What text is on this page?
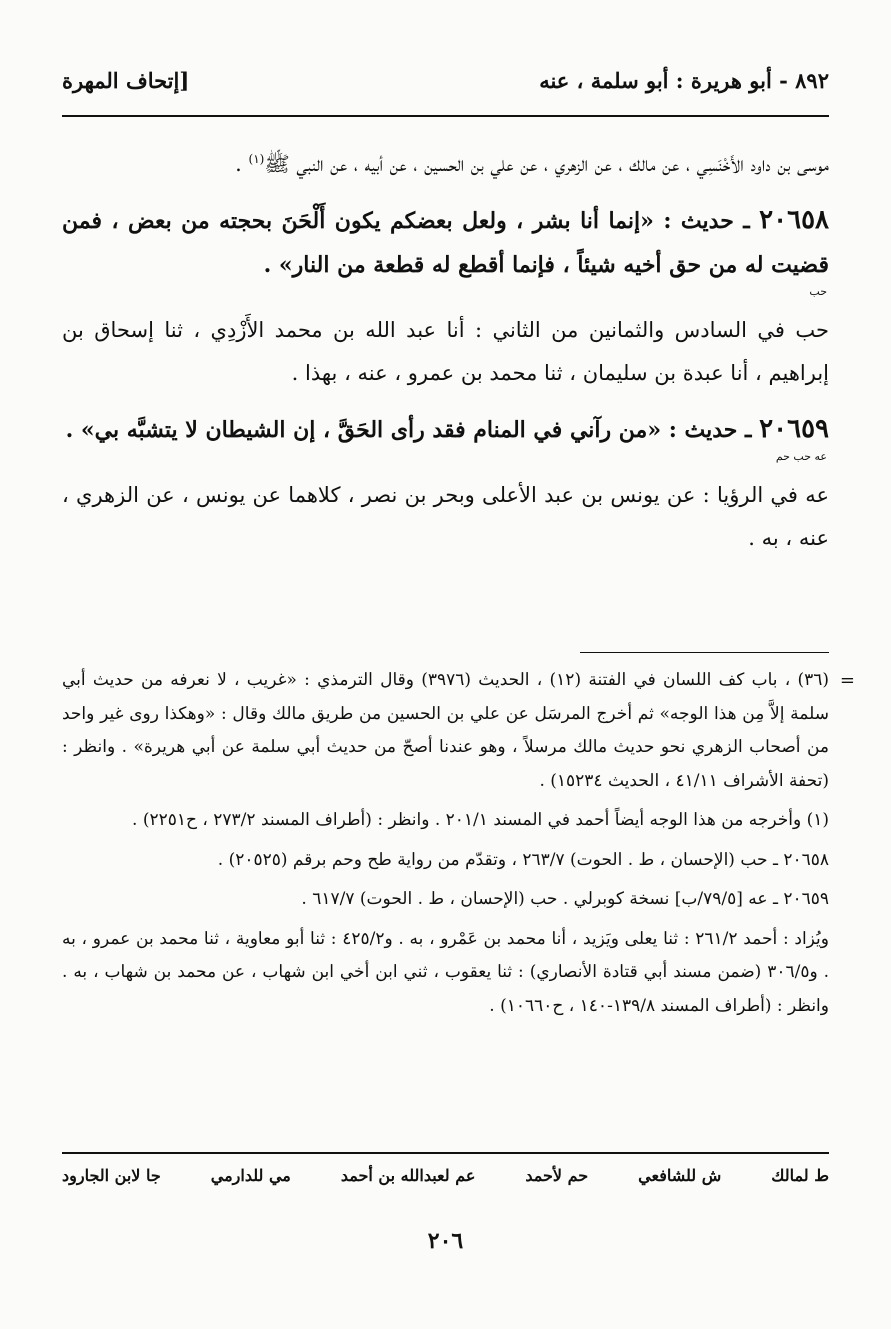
٨٩٢ - أبو هريرة : أبو سلمة ، عنه
[إتحاف المهرة

موسى بن داود الأَخْنَسِي ، عن مالك ، عن الزهري ، عن علي بن الحسين ، عن أبيه ، عن النبي ﷺ$^{(١)}$ .

٢٠٦٥٨ ـ حديث : «إنما أنا بشر ، ولعل بعضكم يكون أَلْحَنَ بحجته من بعض ، فمن قضيت له من حق أخيه شيئاً ، فإنما أقطع له قطعة من النار» .
حب

حب في السادس والثمانين من الثاني : أنا عبد الله بن محمد الأَزْدِي ، ثنا إسحاق بن إبراهيم ، أنا عبدة بن سليمان ، ثنا محمد بن عمرو ، عنه ، بهذا .

٢٠٦٥٩ ـ حديث : «من رآني في المنام فقد رأى الحَقَّ ، إن الشيطان لا يتشبَّه بي» .
عه حب حم

عه في الرؤيا : عن يونس بن عبد الأعلى وبحر بن نصر ، كلاهما عن يونس ، عن الزهري ، عنه ، به .

=

(٣٦) ، باب كف اللسان في الفتنة (١٢) ، الحديث (٣٩٧٦) وقال الترمذي : «غريب ، لا نعرفه من حديث أبي سلمة إلاَّ مِن هذا الوجه» ثم أخرج المرسَل عن علي بن الحسين من طريق مالك وقال : «وهكذا روى غير واحد من أصحاب الزهري نحو حديث مالك مرسلاً ، وهو عندنا أصحّ من حديث أبي سلمة عن أبي هريرة» . وانظر : (تحفة الأشراف ٤١/١١ ، الحديث ١٥٢٣٤) .

(١) وأخرجه من هذا الوجه أيضاً أحمد في المسند ٢٠١/١ . وانظر : (أطراف المسند ٢٧٣/٢ ، ح٢٢٥١) .

٢٠٦٥٨ ـ حب (الإحسان ، ط . الحوت) ٢٦٣/٧ ، وتقدّم من رواية طح وحم برقم (٢٠٥٢٥) .

٢٠٦٥٩ ـ عه [٧٩/٥/ب] نسخة كوبرلي . حب (الإحسان ، ط . الحوت) ٦١٧/٧ .

ويُزاد : أحمد ٢٦١/٢ : ثنا يعلى ويَزيد ، أنا محمد بن عَمْرو ، به . و٤٢٥/٢ : ثنا أبو معاوية ، ثنا محمد بن عمرو ، به . و٣٠٦/٥ (ضمن مسند أبي قتادة الأنصاري) : ثنا يعقوب ، ثني ابن أخي ابن شهاب ، عن محمد بن شهاب ، به . وانظر : (أطراف المسند ١٣٩/٨-١٤٠ ، ح١٠٦٦٠) .

ط لمالك
ش للشافعي
حم لأحمد
عم لعبدالله بن أحمد
مي للدارمي
جا لابن الجارود
٢٠٦
